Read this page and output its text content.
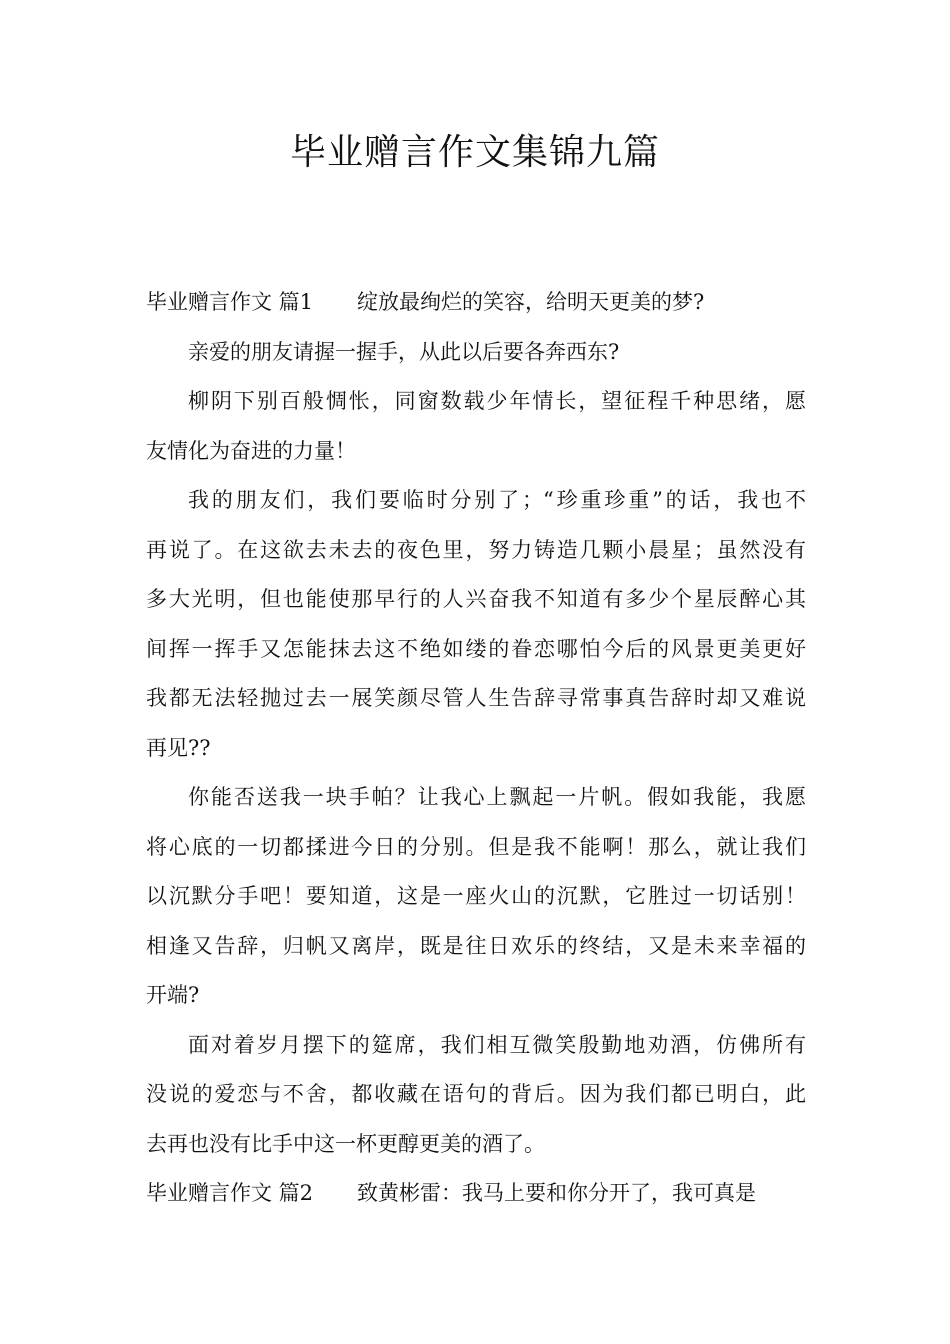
毕业赠言作文集锦九篇
毕业赠言作文 篇1 绽放最绚烂的笑容，给明天更美的梦?
亲爱的朋友请握一握手，从此以后要各奔西东?
柳阴下别百般惆怅，同窗数载少年情长，望征程千种思绪，愿
友情化为奋进的力量！
我的朋友们，我们要临时分别了；“珍重珍重”的话，我也不
再说了。在这欲去未去的夜色里，努力铸造几颗小晨星；虽然没有
多大光明，但也能使那早行的人兴奋我不知道有多少个星辰醉心其
间挥一挥手又怎能抹去这不绝如缕的眷恋哪怕今后的风景更美更好
我都无法轻抛过去一展笑颜尽管人生告辞寻常事真告辞时却又难说
再见??
你能否送我一块手帕？让我心上飘起一片帆。假如我能，我愿
将心底的一切都揉进今日的分别。但是我不能啊！那么，就让我们
以沉默分手吧！要知道，这是一座火山的沉默，它胜过一切话别！
相逢又告辞，归帆又离岸，既是往日欢乐的终结，又是未来幸福的
开端?
面对着岁月摆下的筵席，我们相互微笑殷勤地劝酒，仿佛所有
没说的爱恋与不舍，都收藏在语句的背后。因为我们都已明白，此
去再也没有比手中这一杯更醇更美的酒了。
毕业赠言作文 篇2 致黄彬雷：我马上要和你分开了，我可真是
